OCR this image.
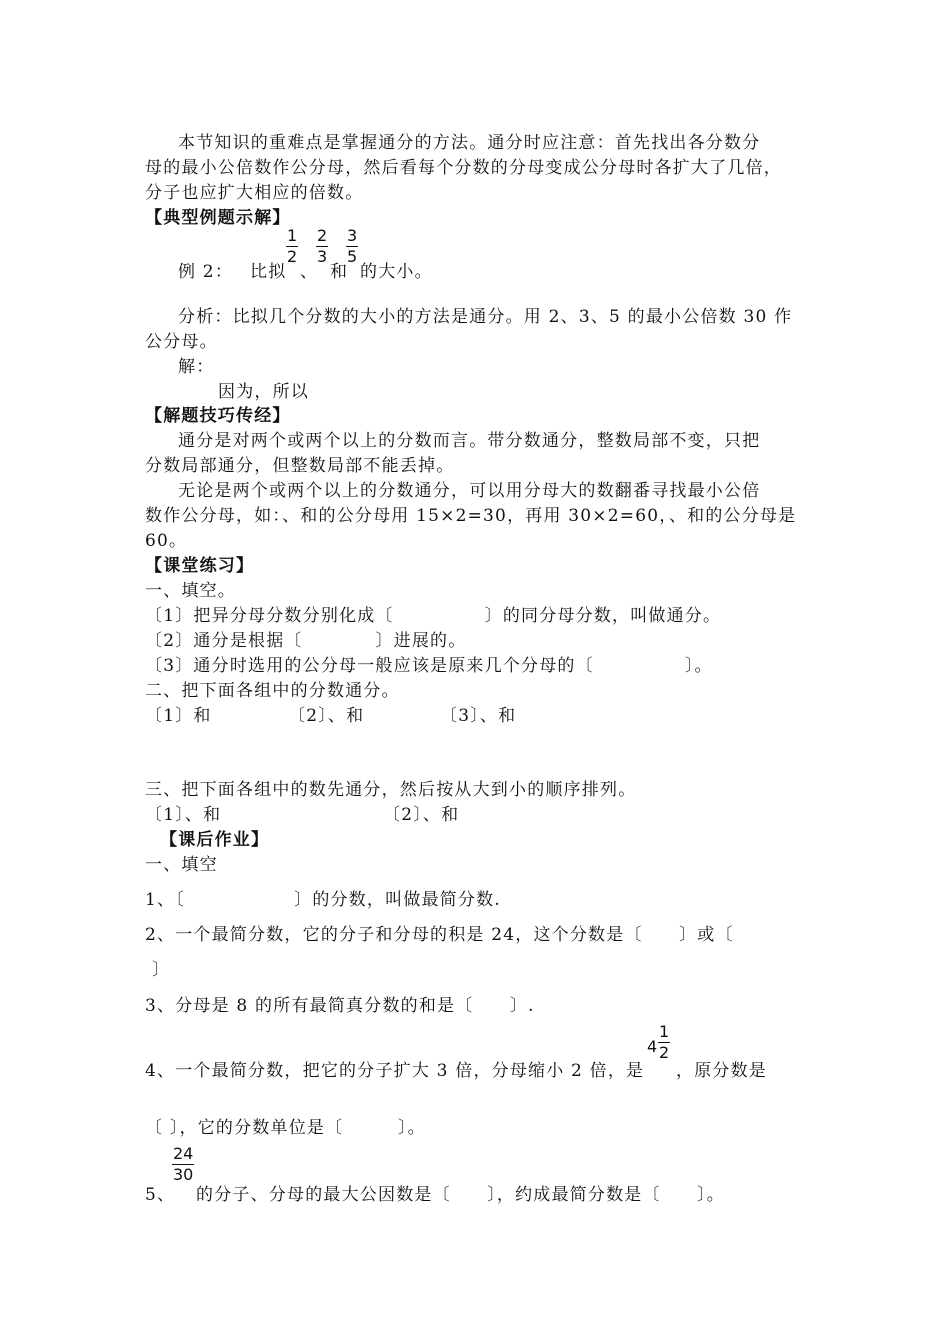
本节知识的重难点是掌握通分的方法。通分时应注意：首先找出各分数分
母的最小公倍数作公分母，然后看每个分数的分母变成公分母时各扩大了几倍，
分子也应扩大相应的倍数。
【典型例题示解】
例 2： 比拟
$\frac{1}{2}$
、
$\frac{2}{3}$
和
$\frac{3}{5}$
的大小。
分析：比拟几个分数的大小的方法是通分。用 2、3、5 的最小公倍数 30 作
公分母。
解：
因为，所以
【解题技巧传经】
通分是对两个或两个以上的分数而言。带分数通分，整数局部不变，只把
分数局部通分，但整数局部不能丢掉。
无论是两个或两个以上的分数通分，可以用分母大的数翻番寻找最小公倍
数作公分母，如：、和的公分母用 15×2=30，再用 30×2=60，、和的公分母是
60。
【课堂练习】
一、填空。
〔1〕把异分母分数分别化成〔　　　　　〕的同分母分数，叫做通分。
〔2〕通分是根据〔　　　　〕进展的。
〔3〕通分时选用的公分母一般应该是原来几个分母的〔　　　　　〕。
二、把下面各组中的分数通分。
〔1〕和	〔2〕、和	〔3〕、和
三、把下面各组中的数先通分，然后按从大到小的顺序排列。
〔1〕、和	〔2〕、和
【课后作业】
一、填空
1、〔　　　　　　〕的分数，叫做最简分数.
2、一个最简分数，它的分子和分母的积是 24，这个分数是〔　　〕或〔
〕
3、分母是 8 的所有最简真分数的和是〔　　〕.
4、一个最简分数，把它的分子扩大 3 倍，分母缩小 2 倍，是
$4 \frac{1}{2}$
，原分数是
〔 〕，它的分数单位是〔　　　〕。
5、
$\frac{24}{30}$
的分子、分母的最大公因数是〔　　〕，约成最简分数是〔　　〕。
